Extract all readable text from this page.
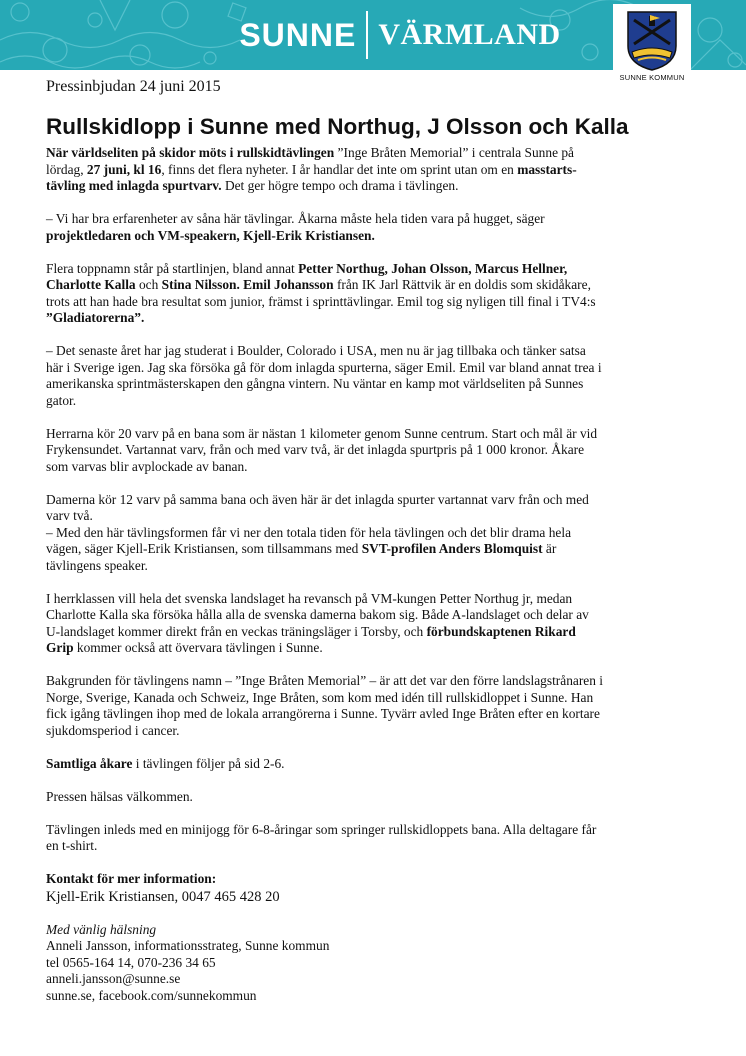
SUNNE VÄRMLAND
SUNNE KOMMUN
Pressinbjudan 24 juni 2015
Rullskidlopp i Sunne med Northug, J Olsson och Kalla

När världseliten på skidor möts i rullskidtävlingen ”Inge Bråten Memorial” i centrala Sunne på lördag, 27 juni, kl 16, finns det flera nyheter. I år handlar det inte om sprint utan om en masstartstävling med inlagda spurtvarv. Det ger högre tempo och drama i tävlingen.

– Vi har bra erfarenheter av såna här tävlingar. Åkarna måste hela tiden vara på hugget, säger projektledaren och VM-speakern, Kjell-Erik Kristiansen.

Flera toppnamn står på startlinjen, bland annat Petter Northug, Johan Olsson, Marcus Hellner, Charlotte Kalla och Stina Nilsson. Emil Johansson från IK Jarl Rättvik är en doldis som skidåkare, trots att han hade bra resultat som junior, främst i sprinttävlingar. Emil tog sig nyligen till final i TV4:s ”Gladiatorerna”.

– Det senaste året har jag studerat i Boulder, Colorado i USA, men nu är jag tillbaka och tänker satsa här i Sverige igen. Jag ska försöka gå för dom inlagda spurterna, säger Emil. Emil var bland annat trea i amerikanska sprintmästerskapen den gångna vintern. Nu väntar en kamp mot världseliten på Sunnes gator.

Herrarna kör 20 varv på en bana som är nästan 1 kilometer genom Sunne centrum. Start och mål är vid Frykensundet. Vartannat varv, från och med varv två, är det inlagda spurtpris på 1 000 kronor. Åkare som varvas blir avplockade av banan.

Damerna kör 12 varv på samma bana och även här är det inlagda spurter vartannat varv från och med varv två.

– Med den här tävlingsformen får vi ner den totala tiden för hela tävlingen och det blir drama hela vägen, säger Kjell-Erik Kristiansen, som tillsammans med SVT-profilen Anders Blomquist är tävlingens speaker.

I herrklassen vill hela det svenska landslaget ha revansch på VM-kungen Petter Northug jr, medan Charlotte Kalla ska försöka hålla alla de svenska damerna bakom sig. Både A-landslaget och delar av U-landslaget kommer direkt från en veckas träningsläger i Torsby, och förbundskaptenen Rikard Grip kommer också att övervara tävlingen i Sunne.

Bakgrunden för tävlingens namn – ”Inge Bråten Memorial” – är att det var den förre landslagstrånaren i Norge, Sverige, Kanada och Schweiz, Inge Bråten, som kom med idén till rullskidloppet i Sunne. Han fick igång tävlingen ihop med de lokala arrangörerna i Sunne. Tyvärr avled Inge Bråten efter en kortare sjukdomsperiod i cancer.

Samtliga åkare i tävlingen följer på sid 2-6.

Pressen hälsas välkommen.

Tävlingen inleds med en minijogg för 6-8-åringar som springer rullskidloppets bana. Alla deltagare får en t-shirt.

Kontakt för mer information:
Kjell-Erik Kristiansen, 0047 465 428 20
Med vänlig hälsning
Anneli Jansson, informationsstrateg, Sunne kommun
tel 0565-164 14, 070-236 34 65
anneli.jansson@sunne.se
sunne.se, facebook.com/sunnekommun
